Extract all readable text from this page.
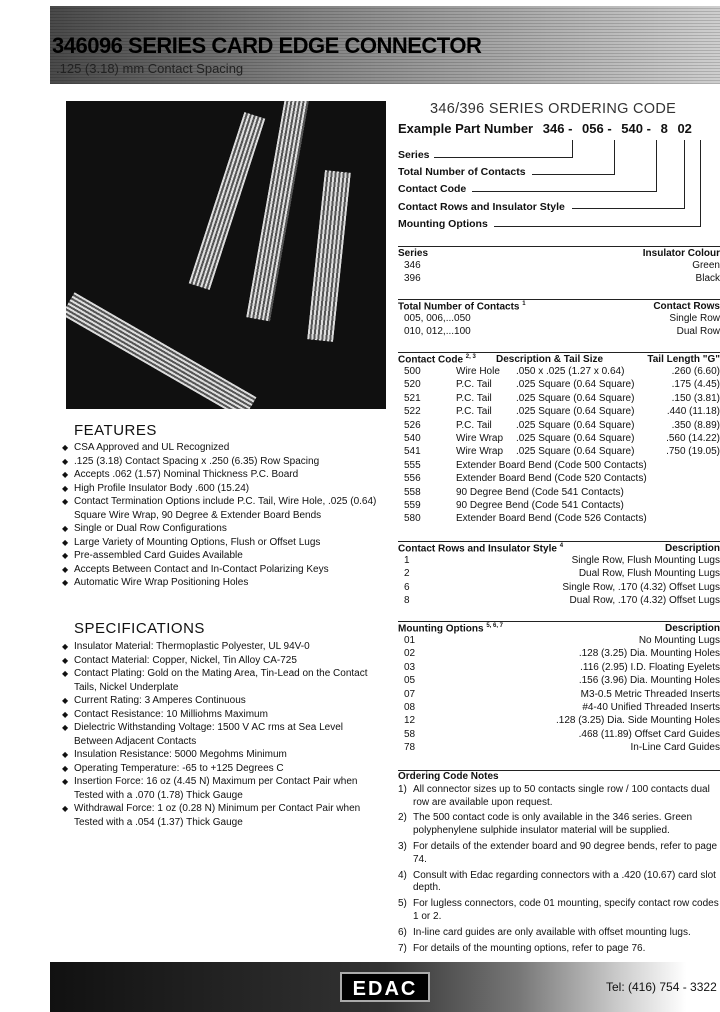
346096 SERIES CARD EDGE CONNECTOR
.125 (3.18) mm Contact Spacing
346/396 SERIES ORDERING CODE
Example Part Number 346 - 056 - 540 - 8 02
Series
Total Number of Contacts
Contact Code
Contact Rows and Insulator Style
Mounting Options
Series	Insulator Colour
346	Green
396	Black
Total Number of Contacts $^1$	Contact Rows
005, 006,...050	Single Row
010, 012,...100	Dual Row
Contact Code $^{2, 3}$ Description & Tail Size	Tail Length "G"
500	Wire Hole .050 x .025 (1.27 x 0.64)	.260 (6.60)
520	P.C. Tail .025 Square (0.64 Square)	.175 (4.45)
521	P.C. Tail .025 Square (0.64 Square)	.150 (3.81)
522	P.C. Tail .025 Square (0.64 Square)	.440 (11.18)
526	P.C. Tail .025 Square (0.64 Square)	.350 (8.89)
540	Wire Wrap .025 Square (0.64 Square)	.560 (14.22)
541	Wire Wrap .025 Square (0.64 Square)	.750 (19.05)
555	Extender Board Bend (Code 500 Contacts)
556	Extender Board Bend (Code 520 Contacts)
558	90 Degree Bend (Code 541 Contacts)
559	90 Degree Bend (Code 541 Contacts)
580	Extender Board Bend (Code 526 Contacts)
Contact Rows and Insulator Style $^4$	Description
1	Single Row, Flush Mounting Lugs
2	Dual Row, Flush Mounting Lugs
6	Single Row, .170 (4.32) Offset Lugs
8	Dual Row, .170 (4.32) Offset Lugs
Mounting Options $^{5, 6, 7}$	Description
01	No Mounting Lugs
02	.128 (3.25) Dia. Mounting Holes
03	.116 (2.95) I.D. Floating Eyelets
05	.156 (3.96) Dia. Mounting Holes
07	M3-0.5 Metric Threaded Inserts
08	#4-40 Unified Threaded Inserts
12	.128 (3.25) Dia. Side Mounting Holes
58	.468 (11.89) Offset Card Guides
78	In-Line Card Guides
Ordering Code Notes
1) All connector sizes up to 50 contacts single row / 100 contacts dual row are available upon request.
2) The 500 contact code is only available in the 346 series. Green polyphenylene sulphide insulator material will be supplied.
3) For details of the extender board and 90 degree bends, refer to page 74.
4) Consult with Edac regarding connectors with a .420 (10.67) card slot depth.
5) For lugless connectors, code 01 mounting, specify contact row codes 1 or 2.
6) In-line card guides are only available with offset mounting lugs.
7) For details of the mounting options, refer to page 76.
FEATURES
◆ CSA Approved and UL Recognized
◆ .125 (3.18) Contact Spacing x .250 (6.35) Row Spacing
◆ Accepts .062 (1.57) Nominal Thickness P.C. Board
◆ High Profile Insulator Body .600 (15.24)
◆ Contact Termination Options include P.C. Tail, Wire Hole, .025 (0.64) Square Wire Wrap, 90 Degree & Extender Board Bends
◆ Single or Dual Row Configurations
◆ Large Variety of Mounting Options, Flush or Offset Lugs
◆ Pre-assembled Card Guides Available
◆ Accepts Between Contact and In-Contact Polarizing Keys
◆ Automatic Wire Wrap Positioning Holes
SPECIFICATIONS
◆ Insulator Material: Thermoplastic Polyester, UL 94V-0
◆ Contact Material: Copper, Nickel, Tin Alloy CA-725
◆ Contact Plating: Gold on the Mating Area, Tin-Lead on the Contact Tails, Nickel Underplate
◆ Current Rating: 3 Amperes Continuous
◆ Contact Resistance: 10 Milliohms Maximum
◆ Dielectric Withstanding Voltage: 1500 V AC rms at Sea Level Between Adjacent Contacts
◆ Insulation Resistance: 5000 Megohms Minimum
◆ Operating Temperature: -65 to +125 Degrees C
◆ Insertion Force: 16 oz (4.45 N) Maximum per Contact Pair when Tested with a .070 (1.78) Thick Gauge
◆ Withdrawal Force: 1 oz (0.28 N) Minimum per Contact Pair when Tested with a .054 (1.37) Thick Gauge
EDAC	Tel: (416) 754 - 3322
